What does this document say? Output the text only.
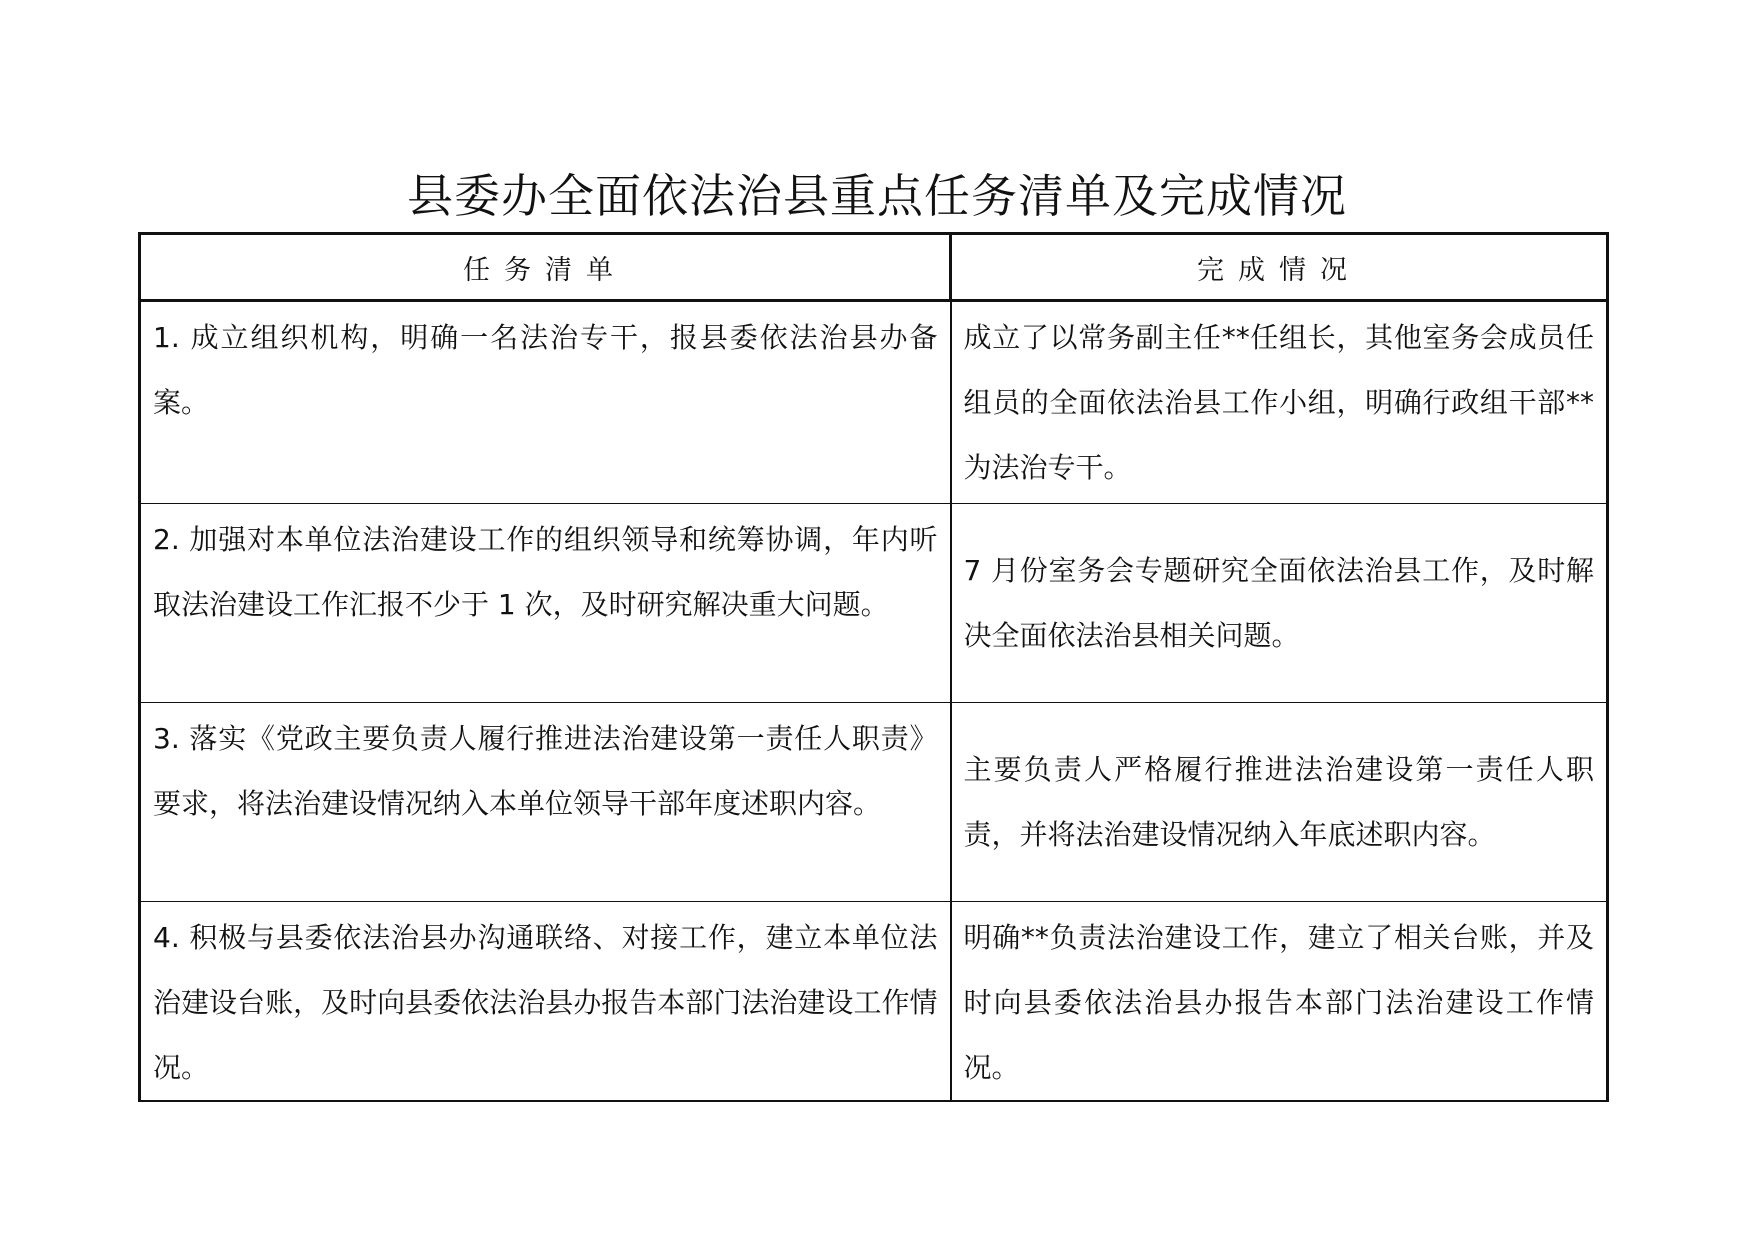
县委办全面依法治县重点任务清单及完成情况
任务清单	完成情况
1. 成立组织机构，明确一名法治专干，报县委依法治县办备案。	成立了以常务副主任**任组长，其他室务会成员任组员的全面依法治县工作小组，明确行政组干部**为法治专干。
2. 加强对本单位法治建设工作的组织领导和统筹协调，年内听取法治建设工作汇报不少于 1 次，及时研究解决重大问题。	7 月份室务会专题研究全面依法治县工作，及时解决全面依法治县相关问题。
3. 落实《党政主要负责人履行推进法治建设第一责任人职责》要求，将法治建设情况纳入本单位领导干部年度述职内容。	主要负责人严格履行推进法治建设第一责任人职责，并将法治建设情况纳入年底述职内容。
4. 积极与县委依法治县办沟通联络、对接工作，建立本单位法治建设台账，及时向县委依法治县办报告本部门法治建设工作情况。	明确**负责法治建设工作，建立了相关台账，并及时向县委依法治县办报告本部门法治建设工作情况。
